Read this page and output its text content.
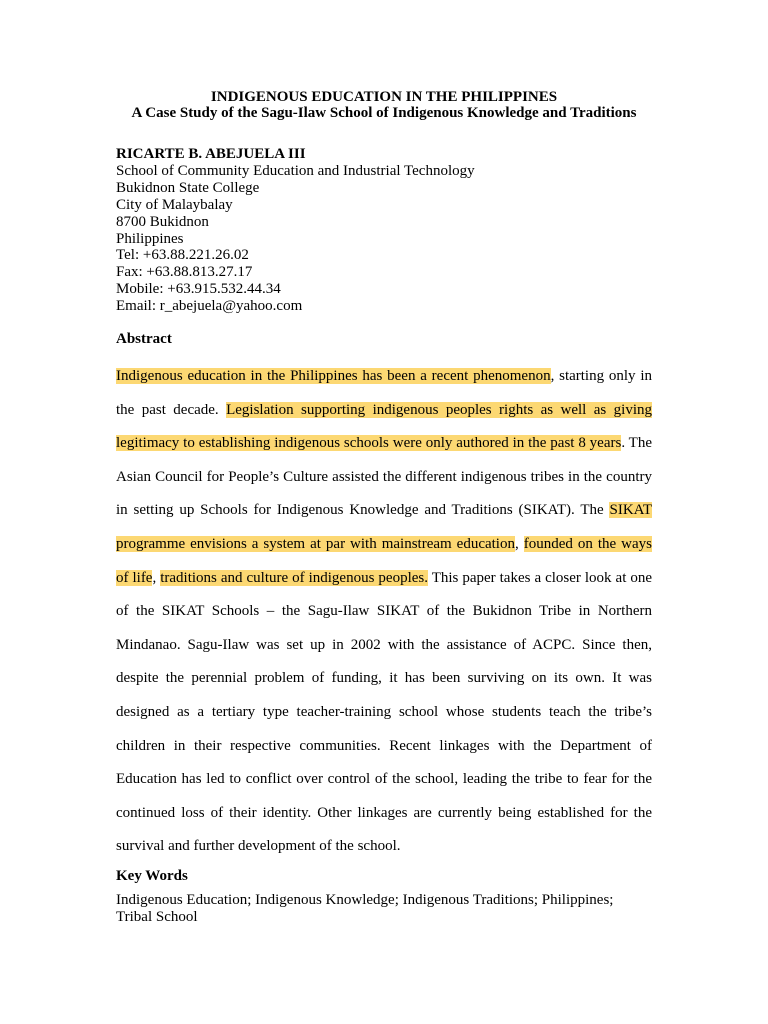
INDIGENOUS EDUCATION IN THE PHILIPPINES
A Case Study of the Sagu-Ilaw School of Indigenous Knowledge and Traditions
RICARTE B. ABEJUELA III
School of Community Education and Industrial Technology
Bukidnon State College
City of Malaybalay
8700 Bukidnon
Philippines
Tel: +63.88.221.26.02
Fax: +63.88.813.27.17
Mobile: +63.915.532.44.34
Email: r_abejuela@yahoo.com
Abstract

Indigenous education in the Philippines has been a recent phenomenon, starting only in the past decade. Legislation supporting indigenous peoples rights as well as giving legitimacy to establishing indigenous schools were only authored in the past 8 years. The Asian Council for People’s Culture assisted the different indigenous tribes in the country in setting up Schools for Indigenous Knowledge and Traditions (SIKAT). The SIKAT programme envisions a system at par with mainstream education, founded on the ways of life, traditions and culture of indigenous peoples. This paper takes a closer look at one of the SIKAT Schools – the Sagu-Ilaw SIKAT of the Bukidnon Tribe in Northern Mindanao. Sagu-Ilaw was set up in 2002 with the assistance of ACPC. Since then, despite the perennial problem of funding, it has been surviving on its own. It was designed as a tertiary type teacher-training school whose students teach the tribe’s children in their respective communities. Recent linkages with the Department of Education has led to conflict over control of the school, leading the tribe to fear for the continued loss of their identity. Other linkages are currently being established for the survival and further development of the school.

Key Words

Indigenous Education; Indigenous Knowledge; Indigenous Traditions; Philippines;
Tribal School
